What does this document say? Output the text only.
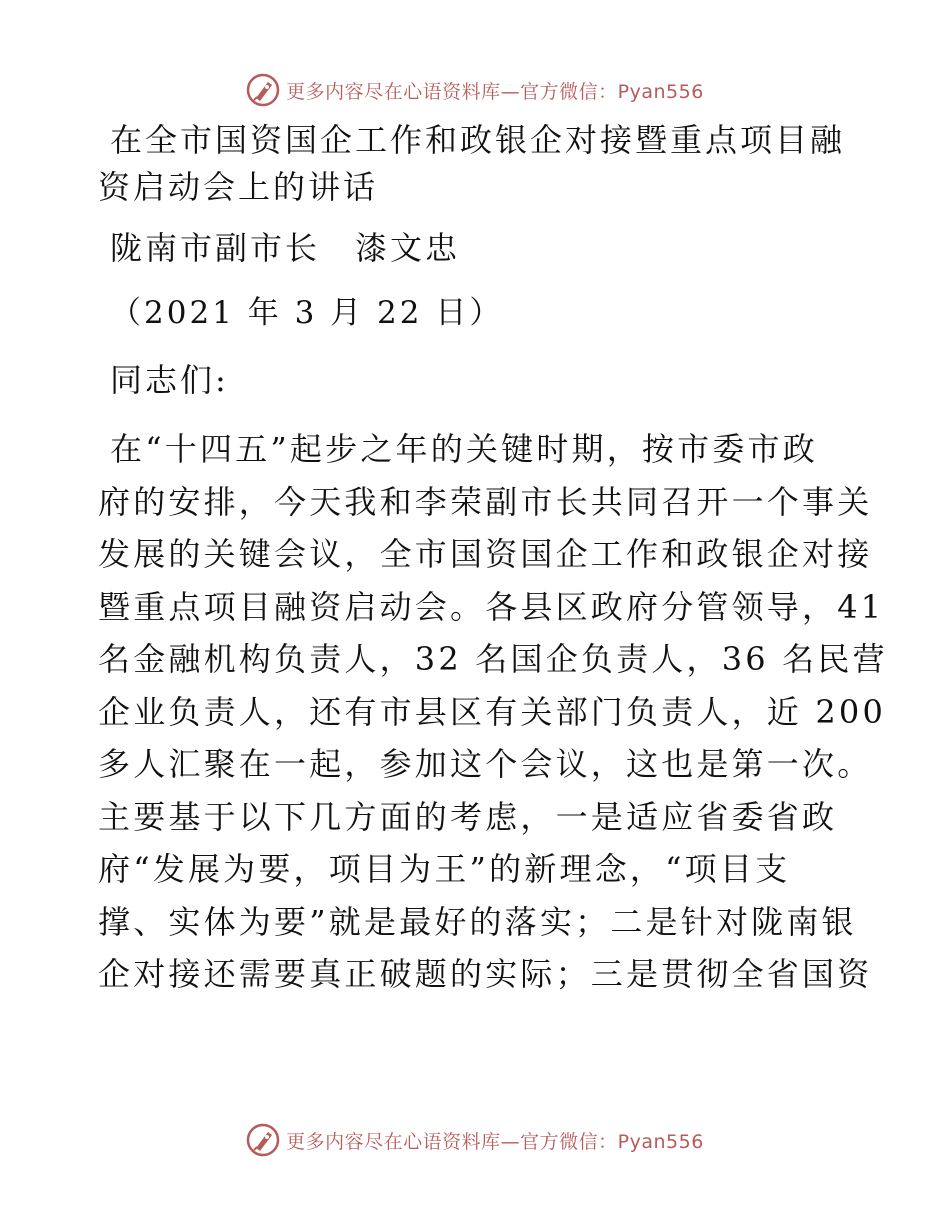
更多内容尽在心语资料库—官方微信：Pyan556
在全市国资国企工作和政银企对接暨重点项目融
资启动会上的讲话
陇南市副市长　漆文忠
（2021 年 3 月 22 日）
同志们:
在“十四五”起步之年的关键时期，按市委市政
府的安排，今天我和李荣副市长共同召开一个事关
发展的关键会议，全市国资国企工作和政银企对接
暨重点项目融资启动会。各县区政府分管领导，41
名金融机构负责人，32 名国企负责人，36 名民营
企业负责人，还有市县区有关部门负责人，近 200
多人汇聚在一起，参加这个会议，这也是第一次。
主要基于以下几方面的考虑，一是适应省委省政
府“发展为要，项目为王”的新理念，“项目支
撑、实体为要”就是最好的落实；二是针对陇南银
企对接还需要真正破题的实际；三是贯彻全省国资
更多内容尽在心语资料库—官方微信：Pyan556
